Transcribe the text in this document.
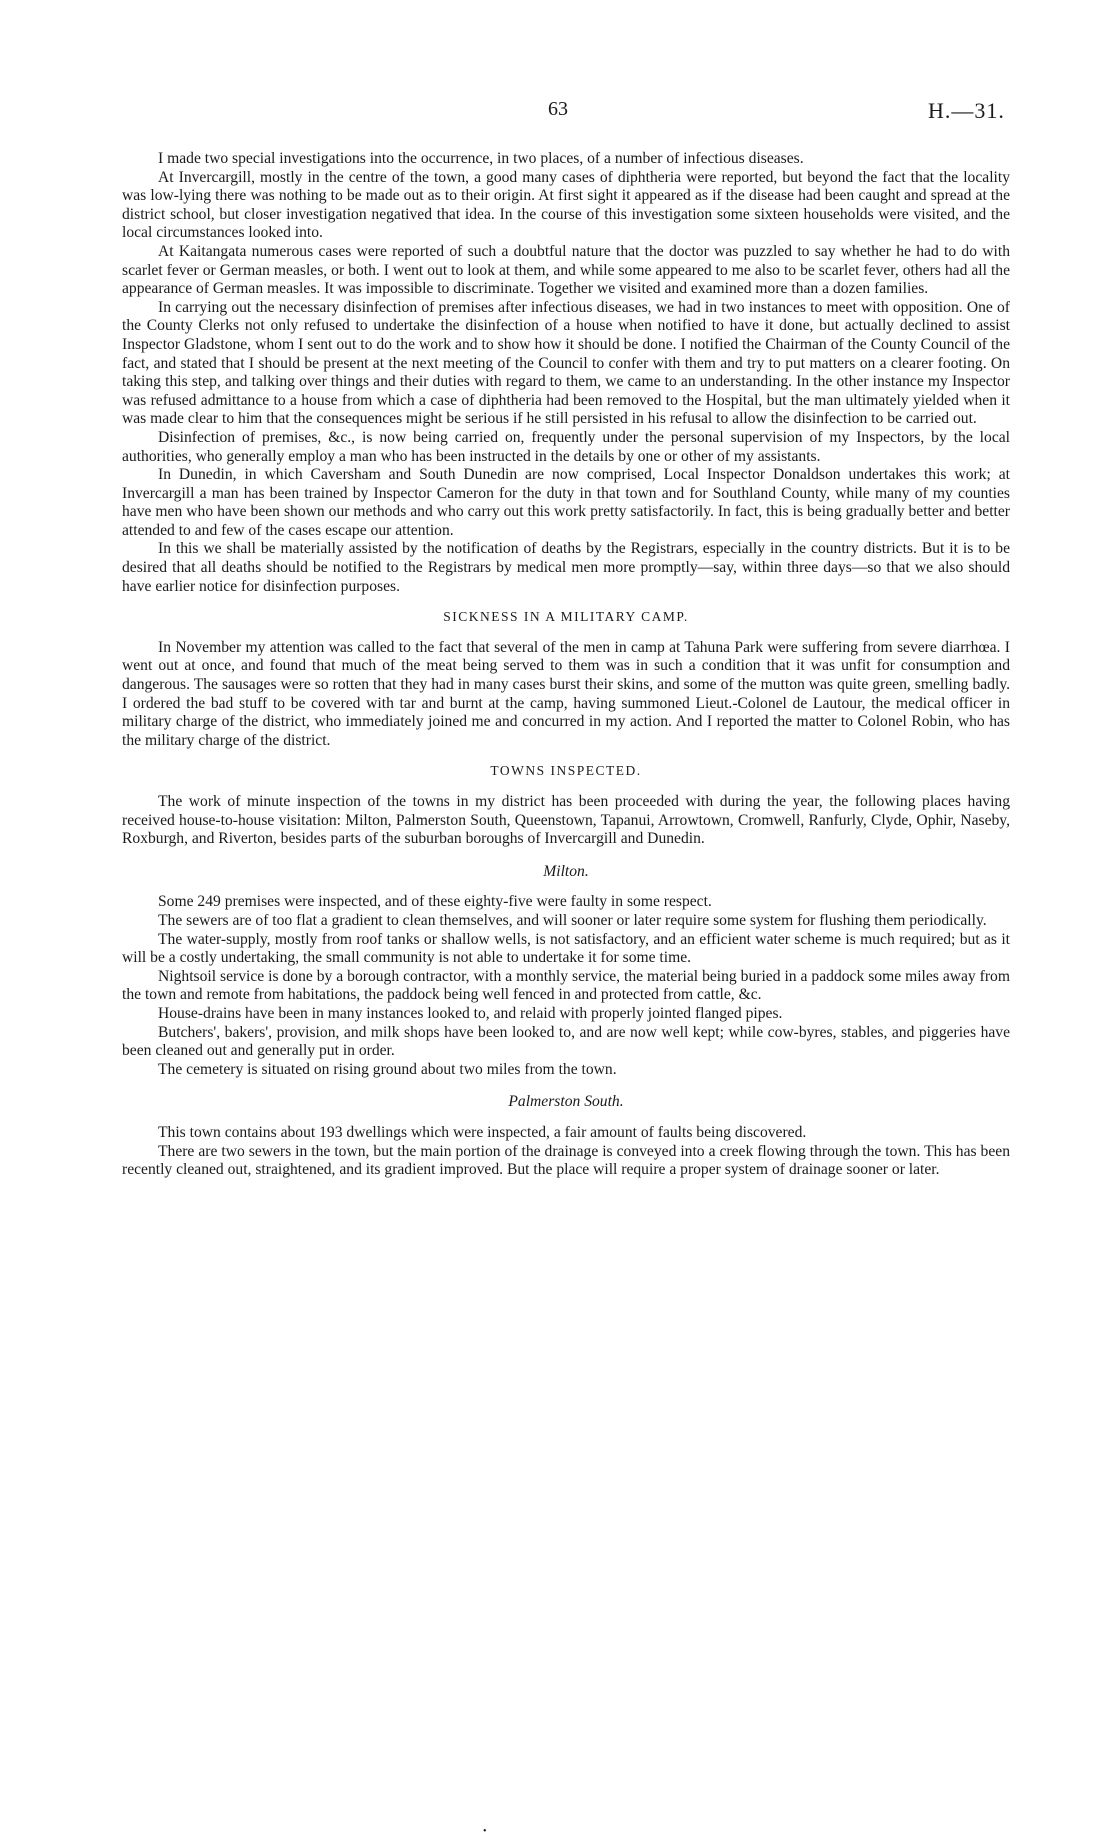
63	H.—31.

I made two special investigations into the occurrence, in two places, of a number of infectious diseases.

At Invercargill, mostly in the centre of the town, a good many cases of diphtheria were reported, but beyond the fact that the locality was low-lying there was nothing to be made out as to their origin. At first sight it appeared as if the disease had been caught and spread at the district school, but closer investigation negatived that idea. In the course of this investigation some sixteen households were visited, and the local circumstances looked into.

At Kaitangata numerous cases were reported of such a doubtful nature that the doctor was puzzled to say whether he had to do with scarlet fever or German measles, or both. I went out to look at them, and while some appeared to me also to be scarlet fever, others had all the appearance of German measles. It was impossible to discriminate. Together we visited and examined more than a dozen families.

In carrying out the necessary disinfection of premises after infectious diseases, we had in two instances to meet with opposition. One of the County Clerks not only refused to undertake the disinfection of a house when notified to have it done, but actually declined to assist Inspector Gladstone, whom I sent out to do the work and to show how it should be done. I notified the Chairman of the County Council of the fact, and stated that I should be present at the next meeting of the Council to confer with them and try to put matters on a clearer footing. On taking this step, and talking over things and their duties with regard to them, we came to an understanding. In the other instance my Inspector was refused admittance to a house from which a case of diphtheria had been removed to the Hospital, but the man ultimately yielded when it was made clear to him that the consequences might be serious if he still persisted in his refusal to allow the disinfection to be carried out.

Disinfection of premises, &c., is now being carried on, frequently under the personal supervision of my Inspectors, by the local authorities, who generally employ a man who has been instructed in the details by one or other of my assistants.

In Dunedin, in which Caversham and South Dunedin are now comprised, Local Inspector Donaldson undertakes this work; at Invercargill a man has been trained by Inspector Cameron for the duty in that town and for Southland County, while many of my counties have men who have been shown our methods and who carry out this work pretty satisfactorily. In fact, this is being gradually better and better attended to and few of the cases escape our attention.

In this we shall be materially assisted by the notification of deaths by the Registrars, especially in the country districts. But it is to be desired that all deaths should be notified to the Registrars by medical men more promptly—say, within three days—so that we also should have earlier notice for disinfection purposes.

SICKNESS IN A MILITARY CAMP.

In November my attention was called to the fact that several of the men in camp at Tahuna Park were suffering from severe diarrhœa. I went out at once, and found that much of the meat being served to them was in such a condition that it was unfit for consumption and dangerous. The sausages were so rotten that they had in many cases burst their skins, and some of the mutton was quite green, smelling badly. I ordered the bad stuff to be covered with tar and burnt at the camp, having summoned Lieut.-Colonel de Lautour, the medical officer in military charge of the district, who immediately joined me and concurred in my action. And I reported the matter to Colonel Robin, who has the military charge of the district.

TOWNS INSPECTED.

The work of minute inspection of the towns in my district has been proceeded with during the year, the following places having received house-to-house visitation: Milton, Palmerston South, Queenstown, Tapanui, Arrowtown, Cromwell, Ranfurly, Clyde, Ophir, Naseby, Roxburgh, and Riverton, besides parts of the suburban boroughs of Invercargill and Dunedin.

Milton.

Some 249 premises were inspected, and of these eighty-five were faulty in some respect.

The sewers are of too flat a gradient to clean themselves, and will sooner or later require some system for flushing them periodically.

The water-supply, mostly from roof tanks or shallow wells, is not satisfactory, and an efficient water scheme is much required; but as it will be a costly undertaking, the small community is not able to undertake it for some time.

Nightsoil service is done by a borough contractor, with a monthly service, the material being buried in a paddock some miles away from the town and remote from habitations, the paddock being well fenced in and protected from cattle, &c.

House-drains have been in many instances looked to, and relaid with properly jointed flanged pipes.

Butchers', bakers', provision, and milk shops have been looked to, and are now well kept; while cow-byres, stables, and piggeries have been cleaned out and generally put in order.

The cemetery is situated on rising ground about two miles from the town.

Palmerston South.

This town contains about 193 dwellings which were inspected, a fair amount of faults being discovered.

There are two sewers in the town, but the main portion of the drainage is conveyed into a creek flowing through the town. This has been recently cleaned out, straightened, and its gradient improved. But the place will require a proper system of drainage sooner or later.

•
